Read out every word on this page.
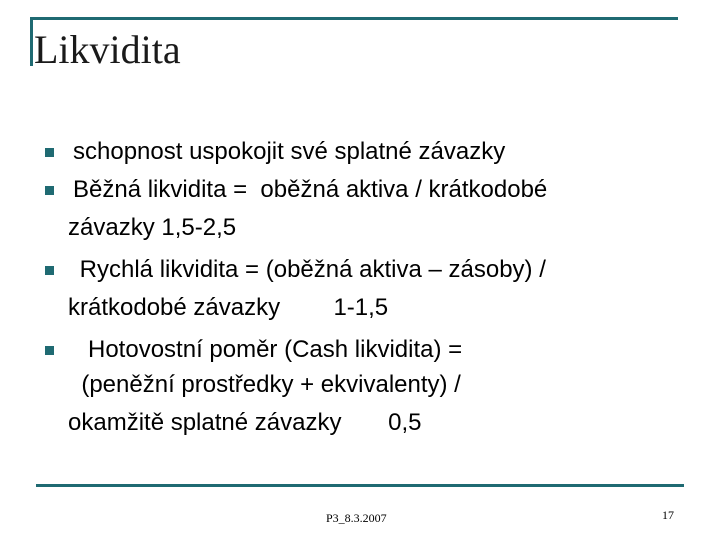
Likvidita
schopnost uspokojit své splatné závazky
Běžná likvidita =  oběžná aktiva / krátkodobé
závazky 1,5-2,5
Rychlá likvidita = (oběžná aktiva – zásoby) /
krátkodobé závazky        1-1,5
Hotovostní poměr (Cash likvidita) =
(peněžní prostředky + ekvivalenty) /
okamžitě splatné závazky       0,5
P3_8.3.2007	17
